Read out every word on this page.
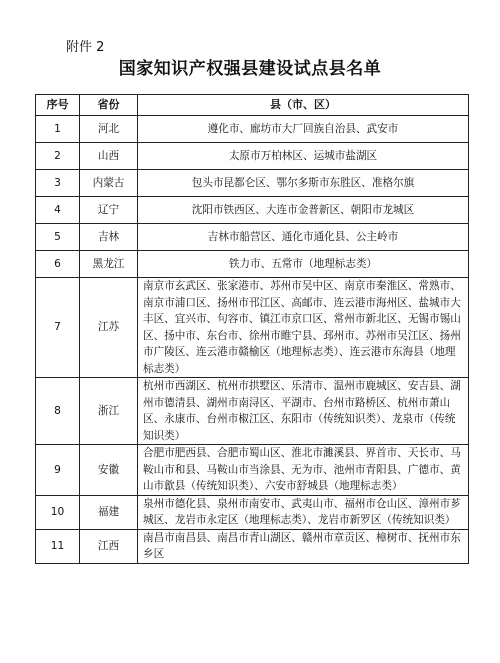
附件 2
国家知识产权强县建设试点县名单
序号	省份	县（市、区）
1	河北	遵化市、廊坊市大厂回族自治县、武安市
2	山西	太原市万柏林区、运城市盐湖区
3	内蒙古	包头市昆都仑区、鄂尔多斯市东胜区、准格尔旗
4	辽宁	沈阳市铁西区、大连市金普新区、朝阳市龙城区
5	吉林	吉林市船营区、通化市通化县、公主岭市
6	黑龙江	铁力市、五常市（地理标志类）
7	江苏	南京市玄武区、张家港市、苏州市吴中区、南京市秦淮区、常熟市、南京市浦口区、扬州市邗江区、高邮市、连云港市海州区、盐城市大丰区、宜兴市、句容市、镇江市京口区、常州市新北区、无锡市锡山区、扬中市、东台市、徐州市睢宁县、邳州市、苏州市吴江区、扬州市广陵区、连云港市赣榆区（地理标志类）、连云港市东海县（地理标志类）
8	浙江	杭州市西湖区、杭州市拱墅区、乐清市、温州市鹿城区、安吉县、湖州市德清县、湖州市南浔区、平湖市、台州市路桥区、杭州市萧山区、永康市、台州市椒江区、东阳市（传统知识类）、龙泉市（传统知识类）
9	安徽	合肥市肥西县、合肥市蜀山区、淮北市濉溪县、界首市、天长市、马鞍山市和县、马鞍山市当涂县、无为市、池州市青阳县、广德市、黄山市歙县（传统知识类）、六安市舒城县（地理标志类）
10	福建	泉州市德化县、泉州市南安市、武夷山市、福州市仓山区、漳州市芗城区、龙岩市永定区（地理标志类）、龙岩市新罗区（传统知识类）
11	江西	南昌市南昌县、南昌市青山湖区、赣州市章贡区、樟树市、抚州市东乡区
